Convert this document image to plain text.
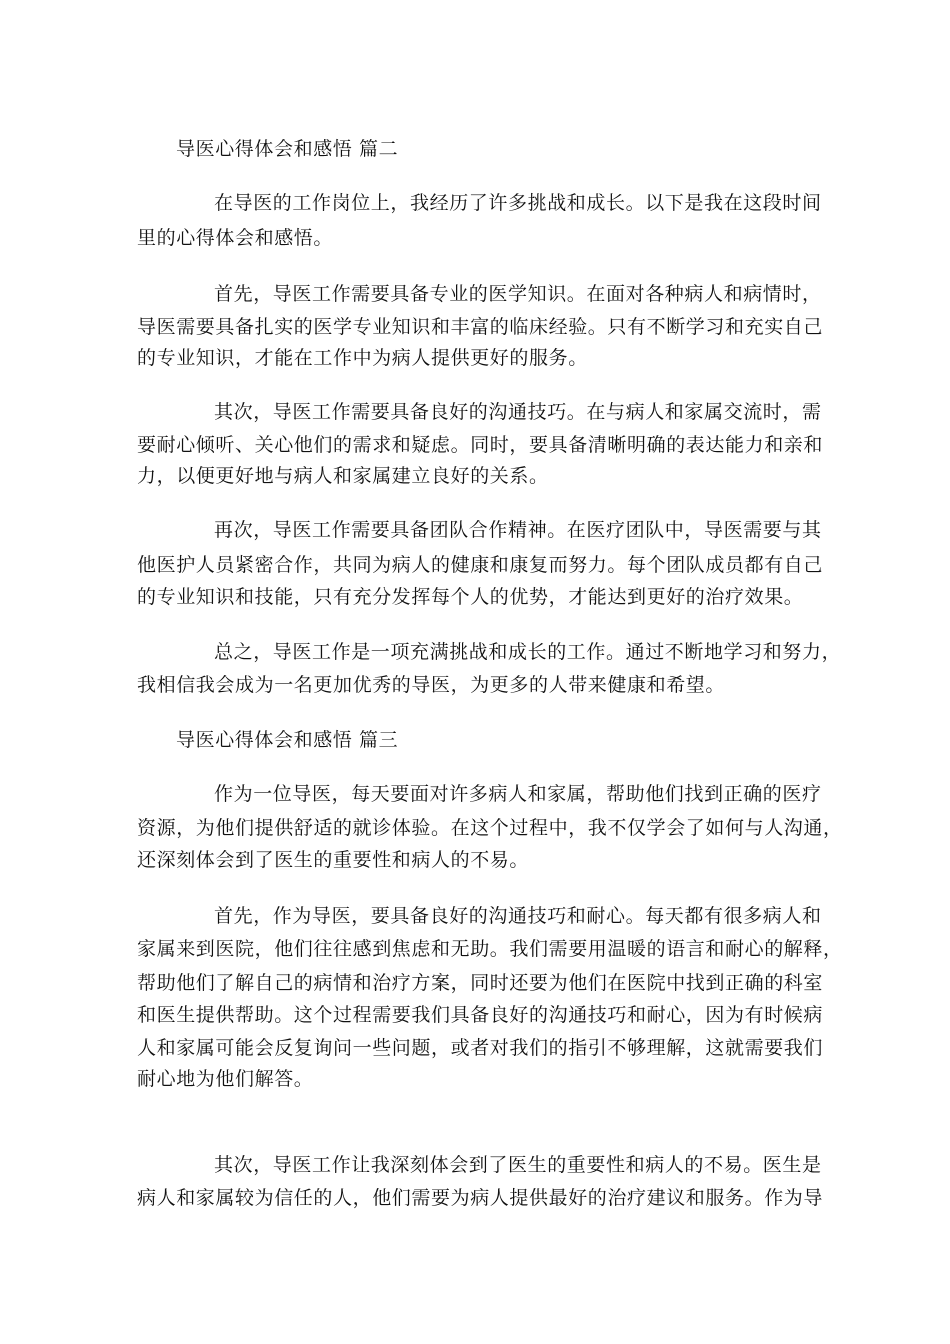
导医心得体会和感悟 篇二
在导医的工作岗位上，我经历了许多挑战和成长。以下是我在这段时间
里的心得体会和感悟。
首先，导医工作需要具备专业的医学知识。在面对各种病人和病情时，
导医需要具备扎实的医学专业知识和丰富的临床经验。只有不断学习和充实自己
的专业知识，才能在工作中为病人提供更好的服务。
其次，导医工作需要具备良好的沟通技巧。在与病人和家属交流时，需
要耐心倾听、关心他们的需求和疑虑。同时，要具备清晰明确的表达能力和亲和
力，以便更好地与病人和家属建立良好的关系。
再次，导医工作需要具备团队合作精神。在医疗团队中，导医需要与其
他医护人员紧密合作，共同为病人的健康和康复而努力。每个团队成员都有自己
的专业知识和技能，只有充分发挥每个人的优势，才能达到更好的治疗效果。
总之，导医工作是一项充满挑战和成长的工作。通过不断地学习和努力，
我相信我会成为一名更加优秀的导医，为更多的人带来健康和希望。
导医心得体会和感悟 篇三
作为一位导医，每天要面对许多病人和家属，帮助他们找到正确的医疗
资源，为他们提供舒适的就诊体验。在这个过程中，我不仅学会了如何与人沟通，
还深刻体会到了医生的重要性和病人的不易。
首先，作为导医，要具备良好的沟通技巧和耐心。每天都有很多病人和
家属来到医院，他们往往感到焦虑和无助。我们需要用温暖的语言和耐心的解释，
帮助他们了解自己的病情和治疗方案，同时还要为他们在医院中找到正确的科室
和医生提供帮助。这个过程需要我们具备良好的沟通技巧和耐心，因为有时候病
人和家属可能会反复询问一些问题，或者对我们的指引不够理解，这就需要我们
耐心地为他们解答。
其次，导医工作让我深刻体会到了医生的重要性和病人的不易。医生是
病人和家属较为信任的人，他们需要为病人提供最好的治疗建议和服务。作为导
